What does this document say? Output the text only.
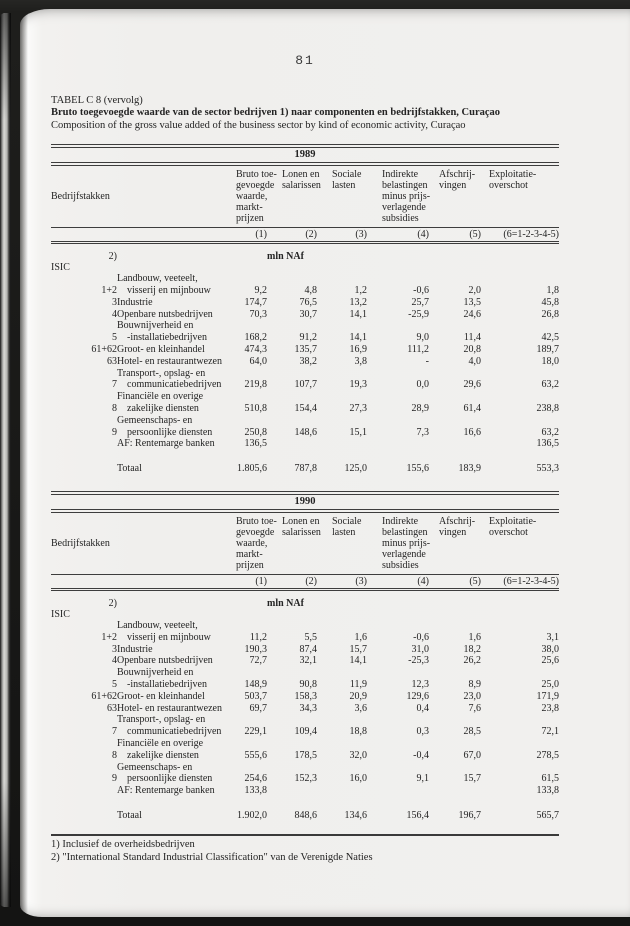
81
TABEL C 8 (vervolg)
Bruto toegevoegde waarde van de sector bedrijven 1) naar componenten en bedrijfstakken, Curaçao
Composition of the gross value added of the business sector by kind of economic activity, Curaçao
1989
Bedrijfstakken		Bruto toe-
gevoegde
waarde,
markt-
prijzen	Lonen en
salarissen	Sociale
lasten	Indirekte
belastingen
minus prijs-
verlagende
subsidies	Afschrij-
vingen	Exploitatie-
overschot
		(1)	(2)	(3)	(4)	(5)	(6=1-2-3-4-5)
2)			mln NAf				
ISIC							
1+2	Landbouw, veeteelt,
visserij en mijnbouw	9,2	4,8	1,2	-0,6	2,0	1,8
3	Industrie	174,7	76,5	13,2	25,7	13,5	45,8
4	Openbare nutsbedrijven	70,3	30,7	14,1	-25,9	24,6	26,8
5	Bouwnijverheid en
-installatiebedrijven	168,2	91,2	14,1	9,0	11,4	42,5
61+62	Groot- en kleinhandel	474,3	135,7	16,9	111,2	20,8	189,7
63	Hotel- en restaurantwezen	64,0	38,2	3,8	-	4,0	18,0
7	Transport-, opslag- en
communicatiebedrijven	219,8	107,7	19,3	0,0	29,6	63,2
8	Financiële en overige
zakelijke diensten	510,8	154,4	27,3	28,9	61,4	238,8
9	Gemeenschaps- en
persoonlijke diensten	250,8	148,6	15,1	7,3	16,6	63,2
	AF: Rentemarge banken	136,5					136,5
	Totaal	1.805,6	787,8	125,0	155,6	183,9	553,3
1990
Bedrijfstakken		Bruto toe-
gevoegde
waarde,
markt-
prijzen	Lonen en
salarissen	Sociale
lasten	Indirekte
belastingen
minus prijs-
verlagende
subsidies	Afschrij-
vingen	Exploitatie-
overschot
		(1)	(2)	(3)	(4)	(5)	(6=1-2-3-4-5)
2)			mln NAf				
ISIC							
1+2	Landbouw, veeteelt,
visserij en mijnbouw	11,2	5,5	1,6	-0,6	1,6	3,1
3	Industrie	190,3	87,4	15,7	31,0	18,2	38,0
4	Openbare nutsbedrijven	72,7	32,1	14,1	-25,3	26,2	25,6
5	Bouwnijverheid en
-installatiebedrijven	148,9	90,8	11,9	12,3	8,9	25,0
61+62	Groot- en kleinhandel	503,7	158,3	20,9	129,6	23,0	171,9
63	Hotel- en restaurantwezen	69,7	34,3	3,6	0,4	7,6	23,8
7	Transport-, opslag- en
communicatiebedrijven	229,1	109,4	18,8	0,3	28,5	72,1
8	Financiële en overige
zakelijke diensten	555,6	178,5	32,0	-0,4	67,0	278,5
9	Gemeenschaps- en
persoonlijke diensten	254,6	152,3	16,0	9,1	15,7	61,5
	AF: Rentemarge banken	133,8					133,8
	Totaal	1.902,0	848,6	134,6	156,4	196,7	565,7
1) Inclusief de overheidsbedrijven
2) "International Standard Industrial Classification" van de Verenigde Naties
